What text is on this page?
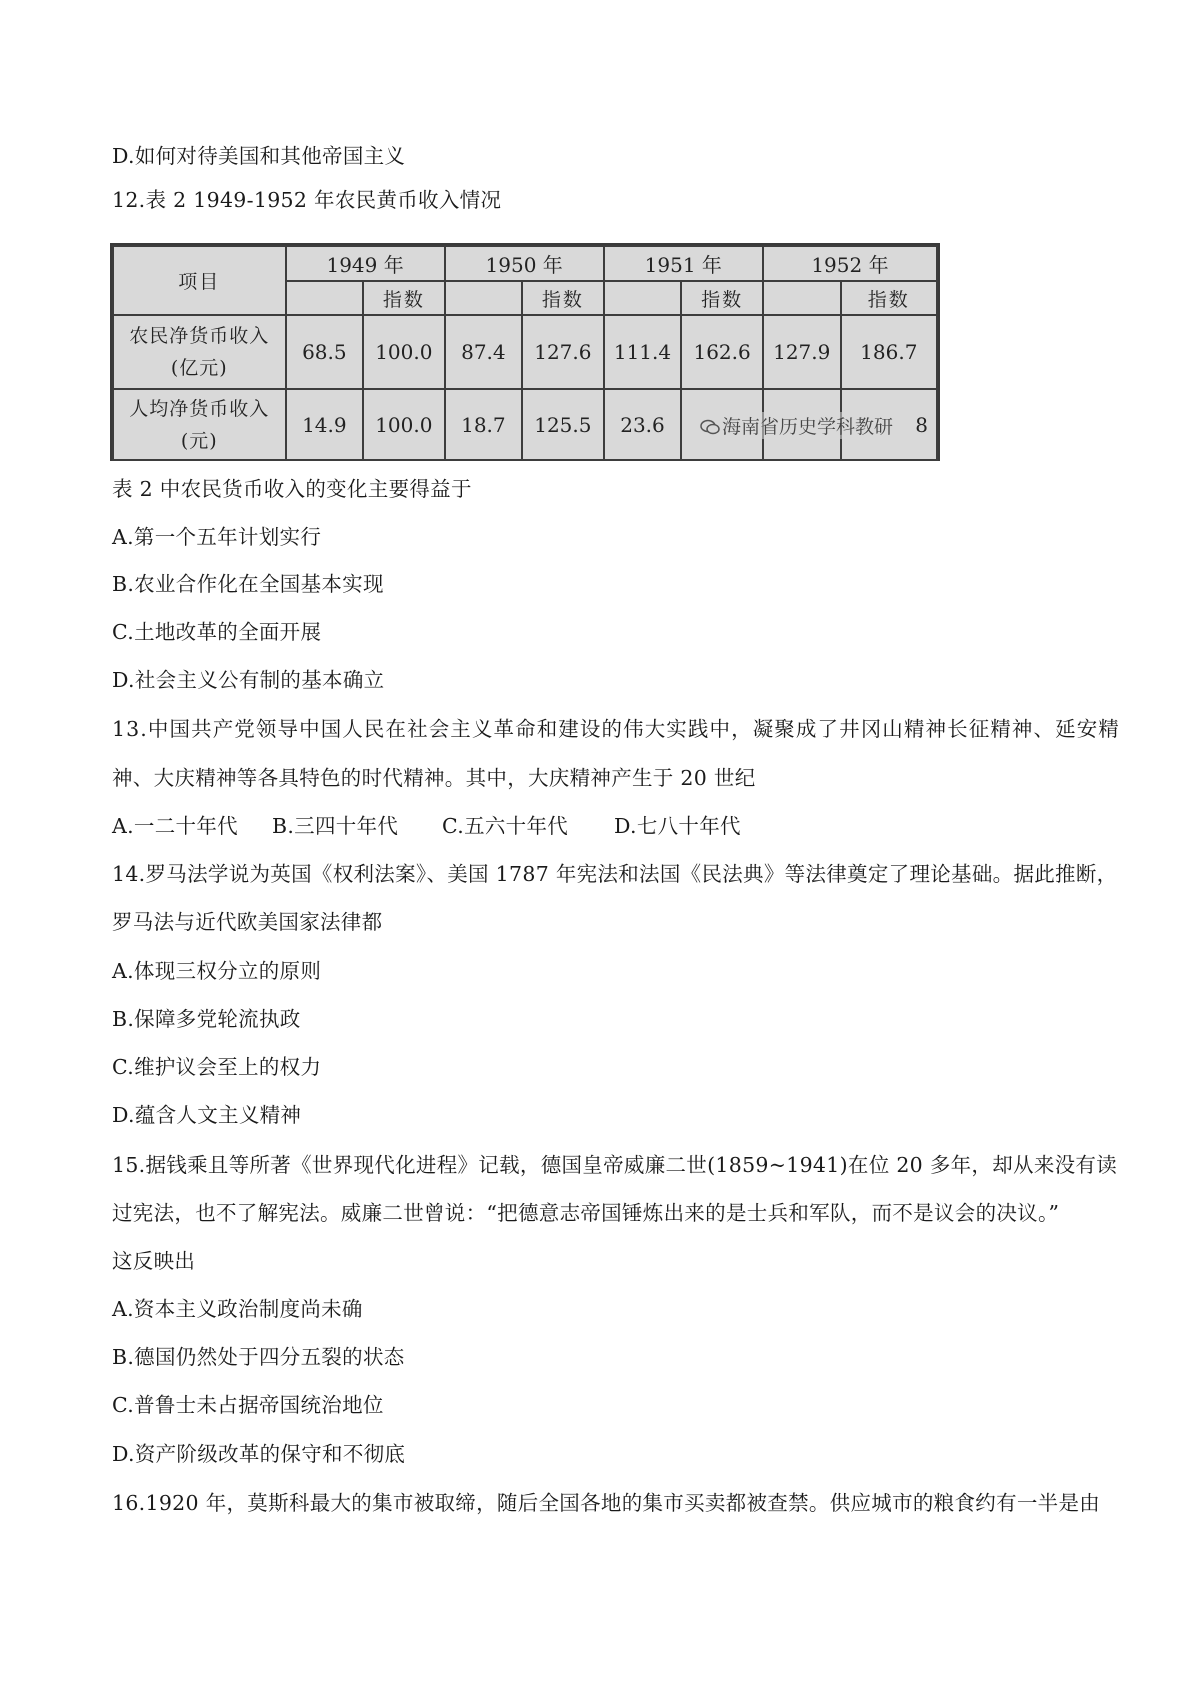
D.如何对待美国和其他帝国主义
12.表 2 1949-1952 年农民黄币收入情况
项目	1949 年		1950 年		1951 年		1952 年	
		指数		指数		指数		指数

农民净货币收入
(亿元)	68.5	100.0	87.4	127.6	111.4	162.6	127.9	186.7

人均净货币收入
(元)	14.9	100.0	18.7	125.5	23.6			8
海南省历史学科教研
表 2 中农民货币收入的变化主要得益于
A.第一个五年计划实行
B.农业合作化在全国基本实现
C.土地改革的全面开展
D.社会主义公有制的基本确立
13.中国共产党领导中国人民在社会主义革命和建设的伟大实践中，凝聚成了井冈山精神长征精神、延安精
神、大庆精神等各具特色的时代精神。其中，大庆精神产生于 20 世纪
A.一二十年代 B.三四十年代 C.五六十年代 D.七八十年代
14.罗马法学说为英国《权利法案》、美国 1787 年宪法和法国《民法典》等法律奠定了理论基础。据此推断，
罗马法与近代欧美国家法律都
A.体现三权分立的原则
B.保障多党轮流执政
C.维护议会至上的权力
D.蕴含人文主义精神
15.据钱乘且等所著《世界现代化进程》记载，德国皇帝威廉二世(1859~1941)在位 20 多年，却从来没有读
过宪法，也不了解宪法。威廉二世曾说：“把德意志帝国锤炼出来的是士兵和军队，而不是议会的决议。”
这反映出
A.资本主义政治制度尚未确
B.德国仍然处于四分五裂的状态
C.普鲁士未占据帝国统治地位
D.资产阶级改革的保守和不彻底
16.1920 年，莫斯科最大的集市被取缔，随后全国各地的集市买卖都被查禁。供应城市的粮食约有一半是由
